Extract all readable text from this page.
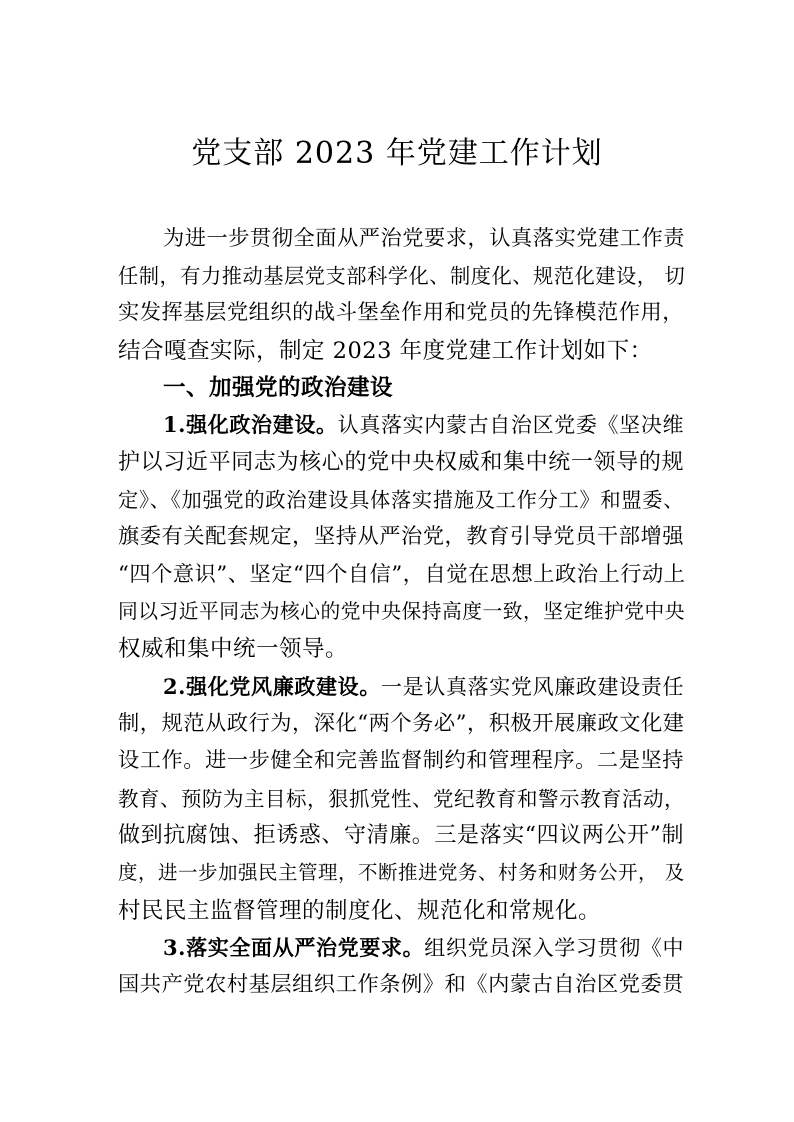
党支部 2023 年党建工作计划
为进一步贯彻全面从严治党要求，认真落实党建工作责
任制，有力推动基层党支部科学化、制度化、规范化建设， 切
实发挥基层党组织的战斗堡垒作用和党员的先锋模范作用，
结合嘎查实际，制定 2023 年度党建工作计划如下：
一、加强党的政治建设
1.强化政治建设。认真落实内蒙古自治区党委《坚决维
护以习近平同志为核心的党中央权威和集中统一领导的规
定》、《加强党的政治建设具体落实措施及工作分工》和盟委、
旗委有关配套规定，坚持从严治党，教育引导党员干部增强
“四个意识”、坚定“四个自信”，自觉在思想上政治上行动上
同以习近平同志为核心的党中央保持高度一致，坚定维护党中央
权威和集中统一领导。
2.强化党风廉政建设。一是认真落实党风廉政建设责任
制，规范从政行为，深化“两个务必”，积极开展廉政文化建
设工作。进一步健全和完善监督制约和管理程序。二是坚持
教育、预防为主目标，狠抓党性、党纪教育和警示教育活动，
做到抗腐蚀、拒诱惑、守清廉。三是落实“四议两公开”制
度，进一步加强民主管理，不断推进党务、村务和财务公开， 及
村民民主监督管理的制度化、规范化和常规化。
3.落实全面从严治党要求。组织党员深入学习贯彻《中
国共产党农村基层组织工作条例》和《内蒙古自治区党委贯
